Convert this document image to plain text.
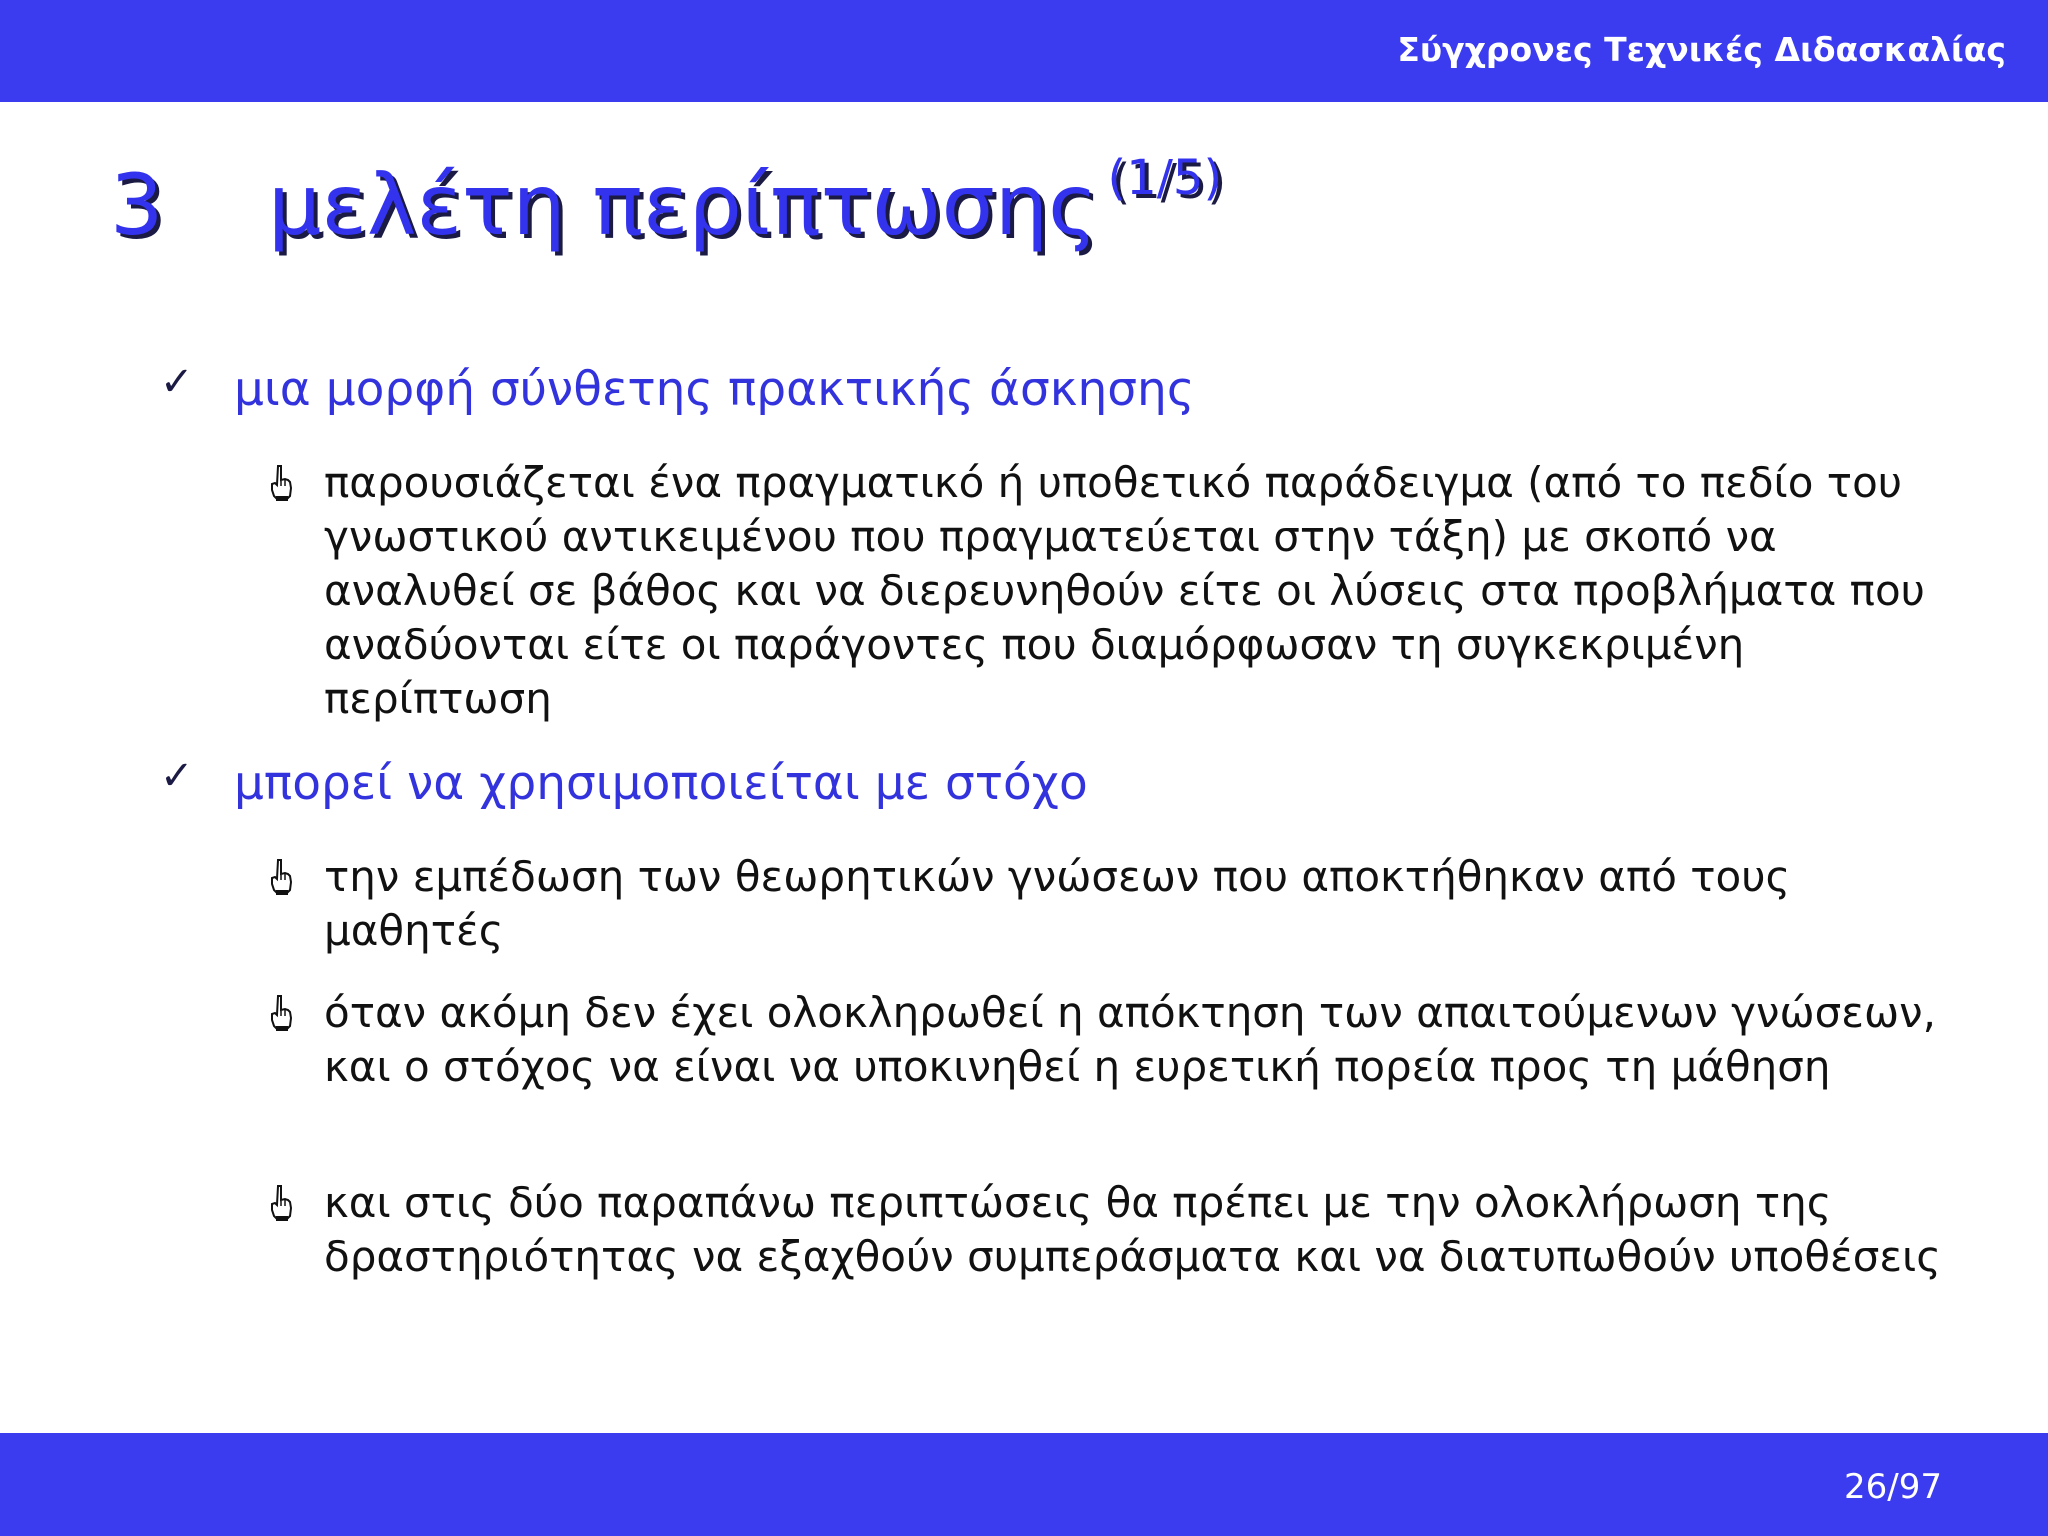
Σύγχρονες Τεχνικές Διδασκαλίας
3 μελέτη περίπτωσης (1/5)
✓ μια μορφή σύνθετης πρακτικής άσκησης
παρουσιάζεται ένα πραγματικό ή υποθετικό παράδειγμα (από το πεδίο του γνωστικού αντικειμένου που πραγματεύεται στην τάξη) με σκοπό να αναλυθεί σε βάθος και να διερευνηθούν είτε οι λύσεις στα προβλήματα που αναδύονται είτε οι παράγοντες που διαμόρφωσαν τη συγκεκριμένη περίπτωση
✓ μπορεί να χρησιμοποιείται με στόχο
την εμπέδωση των θεωρητικών γνώσεων που αποκτήθηκαν από τους μαθητές
όταν ακόμη δεν έχει ολοκληρωθεί η απόκτηση των απαιτούμενων γνώσεων, και ο στόχος να είναι να υποκινηθεί η ευρετική πορεία προς τη μάθηση
και στις δύο παραπάνω περιπτώσεις θα πρέπει με την ολοκλήρωση της δραστηριότητας να εξαχθούν συμπεράσματα και να διατυπωθούν υποθέσεις
26/97
